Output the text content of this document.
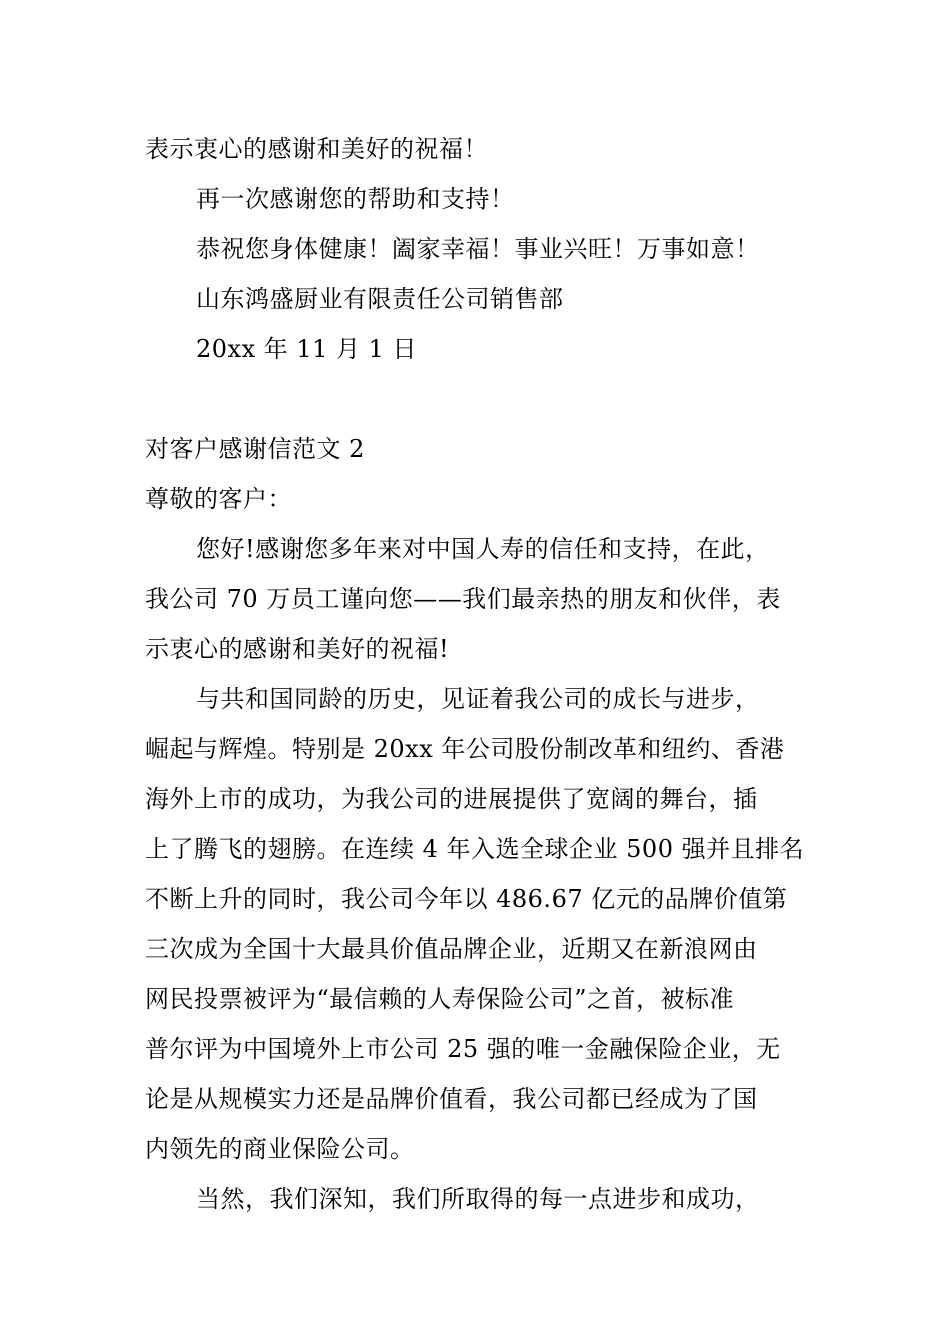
表示衷心的感谢和美好的祝福！
再一次感谢您的帮助和支持！
恭祝您身体健康！阖家幸福！事业兴旺！万事如意！
山东鸿盛厨业有限责任公司销售部
20xx 年 11 月 1 日
对客户感谢信范文 2
尊敬的客户：
您好!感谢您多年来对中国人寿的信任和支持，在此，
我公司 70 万员工谨向您——我们最亲热的朋友和伙伴，表
示衷心的感谢和美好的祝福!
与共和国同龄的历史，见证着我公司的成长与进步，
崛起与辉煌。特别是 20xx 年公司股份制改革和纽约、香港
海外上市的成功，为我公司的进展提供了宽阔的舞台，插
上了腾飞的翅膀。在连续 4 年入选全球企业 500 强并且排名
不断上升的同时，我公司今年以 486.67 亿元的品牌价值第
三次成为全国十大最具价值品牌企业，近期又在新浪网由
网民投票被评为“最信赖的人寿保险公司”之首，被标准
普尔评为中国境外上市公司 25 强的唯一金融保险企业，无
论是从规模实力还是品牌价值看，我公司都已经成为了国
内领先的商业保险公司。
当然，我们深知，我们所取得的每一点进步和成功，
